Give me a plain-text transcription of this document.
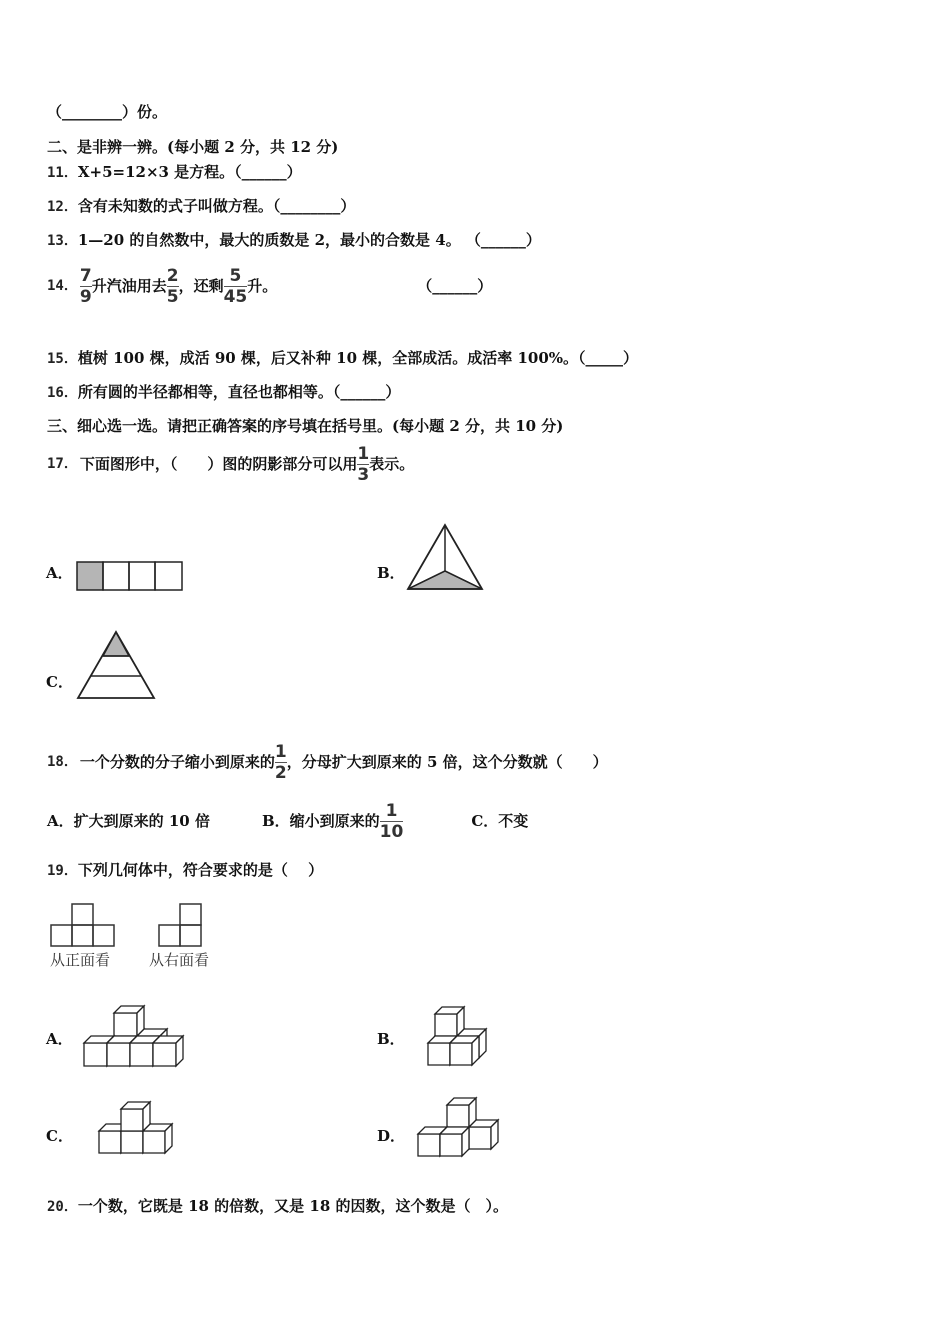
（________）份。
二、是非辨一辨。(每小题 2 分，共 12 分)
11．X+5=12×3 是方程。（______）
12．含有未知数的式子叫做方程。（________）
13．1—20 的自然数中，最大的质数是 2，最小的合数是 4。 （______）
14． $\frac{7}{9}$ 升汽油用去 $\frac{2}{5}$ ，还剩 $\frac{5}{45}$ 升。	（______）
15．植树 100 棵，成活 90 棵，后又补种 10 棵，全部成活。成活率 100%。（_____）
16．所有圆的半径都相等，直径也都相等。（______）
三、细心选一选。请把正确答案的序号填在括号里。(每小题 2 分，共 10 分)
17． 下面图形中，（　　）图的阴影部分可以用 $\frac{1}{3}$ 表示。
A．	B．
C．
18． 一个分数的分子缩小到原来的 $\frac{1}{2}$ ，分母扩大到原来的 5 倍，这个分数就（　　）
A．扩大到原来的 10 倍	B．缩小到原来的 $\frac{1}{10}$	C．不变
19．下列几何体中，符合要求的是（　 ）
从正面看	从右面看
A．	B．
C．	D．
20．一个数，它既是 18 的倍数，又是 18 的因数，这个数是（　）。
